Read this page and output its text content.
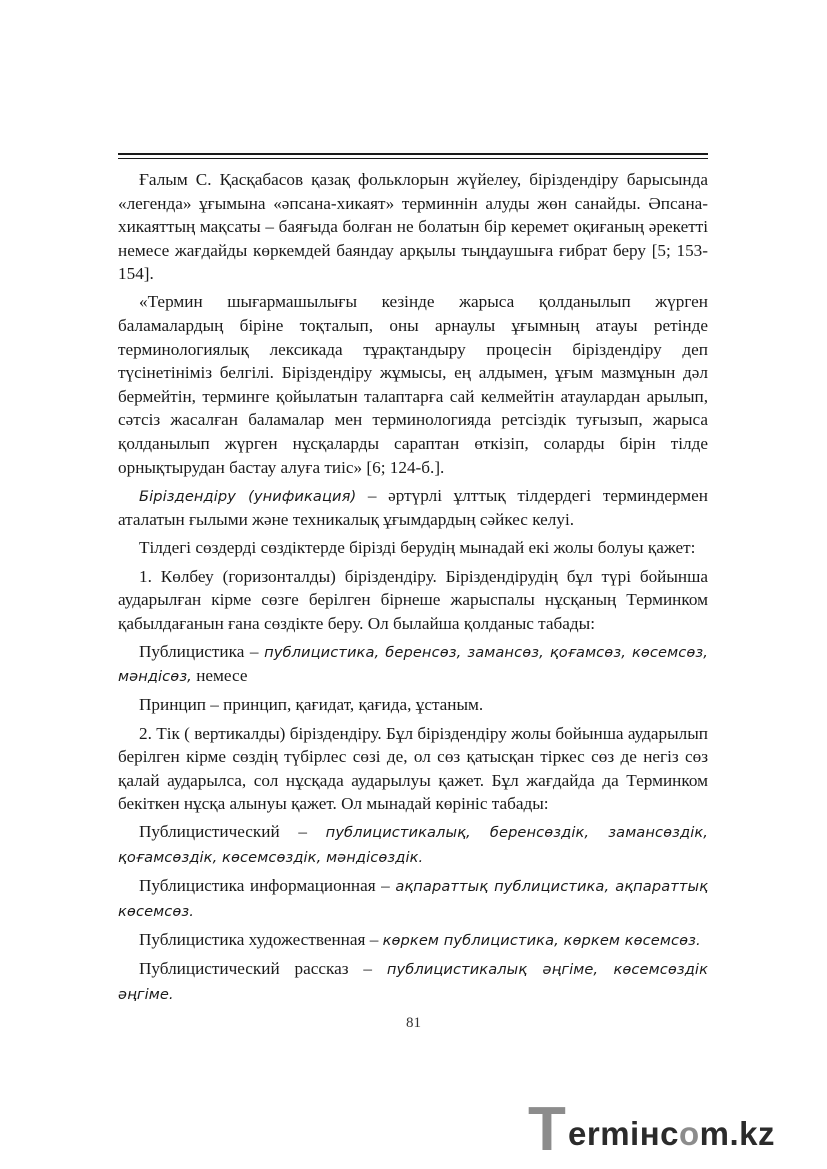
Ғалым С. Қасқабасов қазақ фольклорын жүйелеу, біріздендіру барысында «легенда» ұғымына «әпсана-хикаят» терминнін алуды жөн санайды. Әпсана-хикаяттың мақсаты – баяғыда болған не болатын бір керемет оқиғаның әрекетті немесе жағдайды көркемдей баяндау арқылы тыңдаушыға ғибрат беру [5; 153-154].

«Термин шығармашылығы кезінде жарыса қолданылып жүрген баламалардың біріне тоқталып, оны арнаулы ұғымның атауы ретінде терминологиялық лексикада тұрақтандыру процесін біріздендіру деп түсінетініміз белгілі. Біріздендіру жұмысы, ең алдымен, ұғым мазмұнын дәл бермейтін, терминге қойылатын талаптарға сай келмейтін атаулардан арылып, сәтсіз жасалған баламалар мен терминологияда ретсіздік туғызып, жарыса қолданылып жүрген нұсқаларды сараптан өткізіп, соларды бірін тілде орнықтырудан бастау алуға тиіс» [6; 124-б.].

Біріздендіру (унификация) – әртүрлі ұлттық тілдердегі терминдермен аталатын ғылыми және техникалық ұғымдардың сәйкес келуі.

Тілдегі сөздерді сөздіктерде бірізді берудің мынадай екі жолы болуы қажет:

1. Көлбеу (горизонталды) біріздендіру. Біріздендірудің бұл түрі бойынша аударылған кірме сөзге берілген бірнеше жарыспалы нұсқаның Терминком қабылдағанын ғана сөздікте беру. Ол былайша қолданыс табады:

Публицистика – публицистика, беренсөз, замансөз, қоғамсөз, көсемсөз, мәндісөз, немесе

Принцип – принцип, қағидат, қағида, ұстаным.

2. Тік ( вертикалды) біріздендіру. Бұл біріздендіру жолы бойынша аударылып берілген кірме сөздің түбірлес сөзі де, ол сөз қатысқан тіркес сөз де негіз сөз қалай аударылса, сол нұсқада аударылуы қажет. Бұл жағдайда да Терминком бекіткен нұсқа алынуы қажет. Ол мынадай көрініс табады:

Публицистический – публицистикалық, беренсөздік, замансөздік, қоғамсөздік, көсемсөздік, мәндісөздік.

Публицистика информационная – ақпараттық публицистика, ақпараттық көсемсөз.

Публицистика художественная – көркем публицистика, көркем көсемсөз.

Публицистический рассказ – публицистикалық әңгіме, көсемсөздік әңгіме.

81
T ermiнcom.kz
